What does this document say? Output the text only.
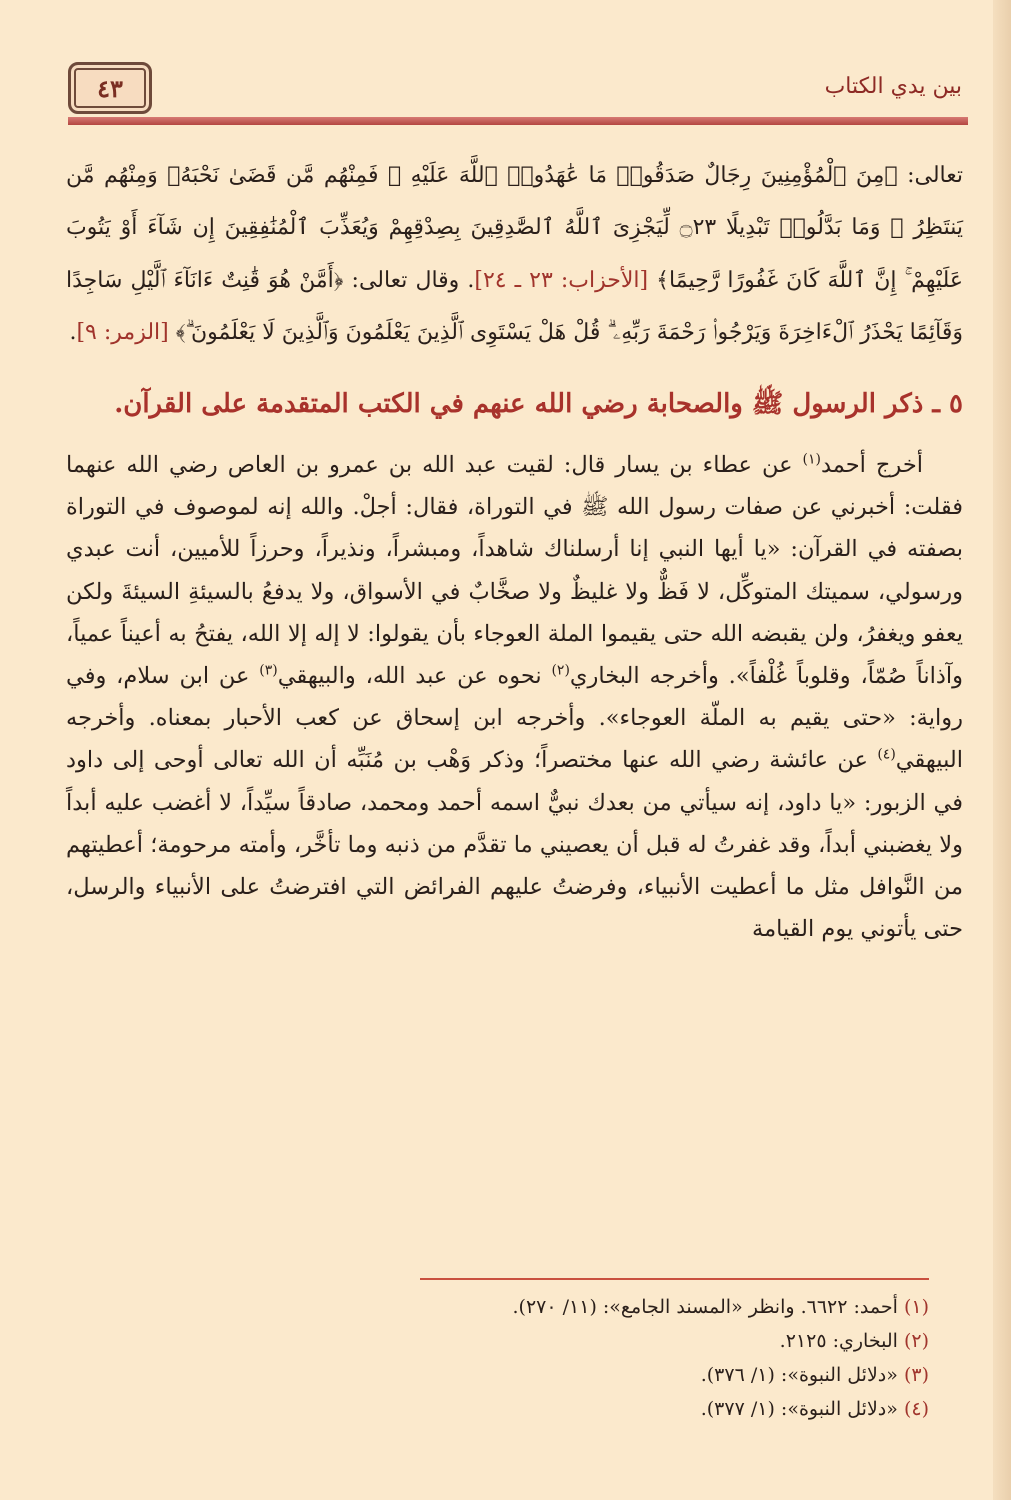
٤٣	بين يدي الكتاب

تعالى: ﴿مِنَ ٱلْمُؤْمِنِينَ رِجَالٌ صَدَقُوا۟ مَا عَٰهَدُوا۟ ٱللَّهَ عَلَيْهِ ۖ فَمِنْهُم مَّن قَضَىٰ نَحْبَهُۥ وَمِنْهُم مَّن يَنتَظِرُ ۖ وَمَا بَدَّلُوا۟ تَبْدِيلًا ۝٢٣ لِّيَجْزِىَ ٱللَّهُ ٱلصَّٰدِقِينَ بِصِدْقِهِمْ وَيُعَذِّبَ ٱلْمُنَٰفِقِينَ إِن شَآءَ أَوْ يَتُوبَ عَلَيْهِمْ ۚ إِنَّ ٱللَّهَ كَانَ غَفُورًا رَّحِيمًا﴾ [الأحزاب: ٢٣ ـ ٢٤]. وقال تعالى: ﴿أَمَّنْ هُوَ قَٰنِتٌ ءَانَآءَ ٱلَّيْلِ سَاجِدًا وَقَآئِمًا يَحْذَرُ ٱلْءَاخِرَةَ وَيَرْجُوا۟ رَحْمَةَ رَبِّهِۦ ۗ قُلْ هَلْ يَسْتَوِى ٱلَّذِينَ يَعْلَمُونَ وَٱلَّذِينَ لَا يَعْلَمُونَ ۗ﴾ [الزمر: ٩].

٥ ـ ذكر الرسول ﷺ والصحابة رضي الله عنهم في الكتب المتقدمة على القرآن.

أخرج أحمد$^{(١)}$ عن عطاء بن يسار قال: لقيت عبد الله بن عمرو بن العاص رضي الله عنهما فقلت: أخبرني عن صفات رسول الله ﷺ في التوراة، فقال: أجلْ. والله إنه لموصوف في التوراة بصفته في القرآن: «يا أيها النبي إنا أرسلناك شاهداً، ومبشراً، ونذيراً، وحرزاً للأميين، أنت عبدي ورسولي، سميتك المتوكِّل، لا فَظٌّ ولا غليظٌ ولا صخَّابٌ في الأسواق، ولا يدفعُ بالسيئةِ السيئةَ ولكن يعفو ويغفرُ، ولن يقبضه الله حتى يقيموا الملة العوجاء بأن يقولوا: لا إله إلا الله، يفتحُ به أعيناً عمياً، وآذاناً صُمّاً، وقلوباً غُلْفاً». وأخرجه البخاري$^{(٢)}$ نحوه عن عبد الله، والبيهقي$^{(٣)}$ عن ابن سلام، وفي رواية: «حتى يقيم به الملّة العوجاء». وأخرجه ابن إسحاق عن كعب الأحبار بمعناه. وأخرجه البيهقي$^{(٤)}$ عن عائشة رضي الله عنها مختصراً؛ وذكر وَهْب بن مُنَبِّه أن الله تعالى أوحى إلى داود في الزبور: «يا داود، إنه سيأتي من بعدك نبيٌّ اسمه أحمد ومحمد، صادقاً سيِّداً، لا أغضب عليه أبداً ولا يغضبني أبداً، وقد غفرتُ له قبل أن يعصيني ما تقدَّم من ذنبه وما تأخَّر، وأمته مرحومة؛ أعطيتهم من النَّوافل مثل ما أعطيت الأنبياء، وفرضتُ عليهم الفرائض التي افترضتُ على الأنبياء والرسل، حتى يأتوني يوم القيامة

(١) أحمد: ٦٦٢٢. وانظر «المسند الجامع»: (١١/ ٢٧٠).
(٢) البخاري: ٢١٢٥.
(٣) «دلائل النبوة»: (١/ ٣٧٦).
(٤) «دلائل النبوة»: (١/ ٣٧٧).
